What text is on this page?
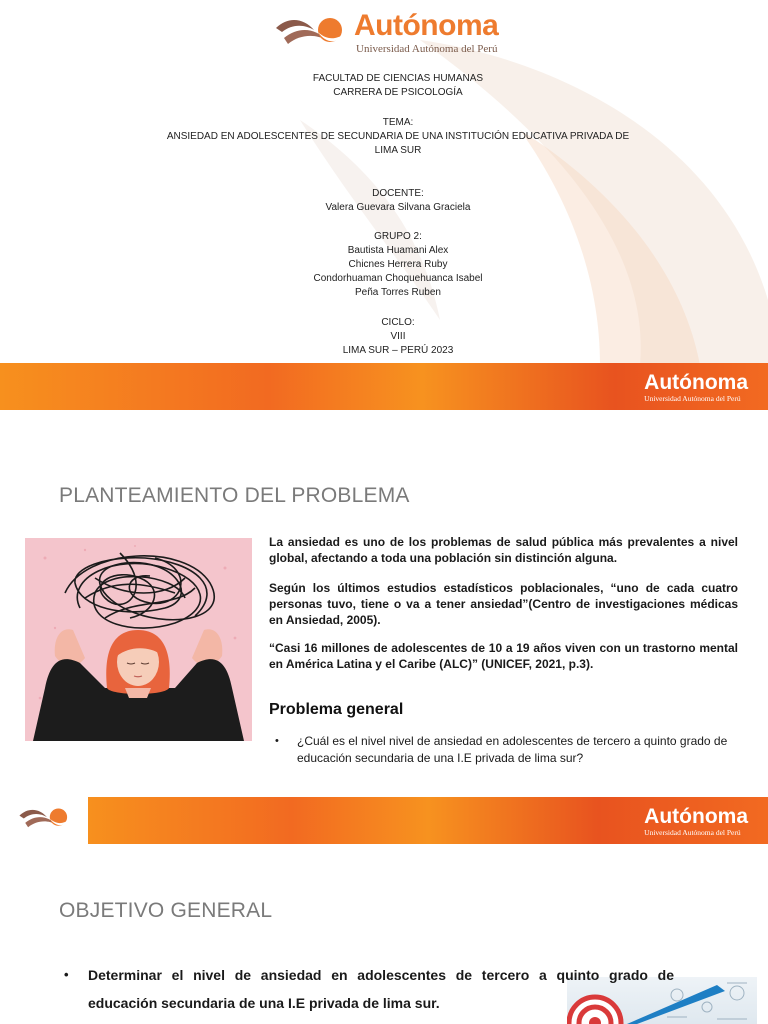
Autónoma
Universidad Autónoma del Perú

FACULTAD DE CIENCIAS HUMANAS

CARRERA DE PSICOLOGÍA

TEMA:

ANSIEDAD EN ADOLESCENTES DE SECUNDARIA DE UNA INSTITUCIÓN EDUCATIVA PRIVADA DE

LIMA SUR

DOCENTE:

Valera Guevara Silvana Graciela

GRUPO 2:

Bautista Huamani Alex

Chicnes Herrera Ruby

Condorhuaman Choquehuanca Isabel

Peña Torres Ruben

CICLO:

VIII

LIMA SUR – PERÚ 2023

Autónoma
Universidad Autónoma del Perú
PLANTEAMIENTO DEL PROBLEMA

La ansiedad es uno de los problemas de salud pública más prevalentes a nivel global, afectando a toda una población sin distinción alguna.

Según los últimos estudios estadísticos poblacionales, “uno de cada cuatro personas tuvo, tiene o va a tener ansiedad”(Centro de investigaciones médicas en Ansiedad, 2005).

“Casi 16 millones de adolescentes de 10 a 19 años viven con un trastorno mental en América Latina y el Caribe (ALC)” (UNICEF, 2021, p.3).

Problema general
•	¿Cuál es el nivel nivel de ansiedad en adolescentes de tercero a quinto grado de educación secundaria de una I.E privada de lima sur?
Autónoma
Universidad Autónoma del Perú
OBJETIVO GENERAL
•	Determinar el nivel de ansiedad en adolescentes de tercero a quinto grado de educación secundaria de una I.E privada de lima sur.
